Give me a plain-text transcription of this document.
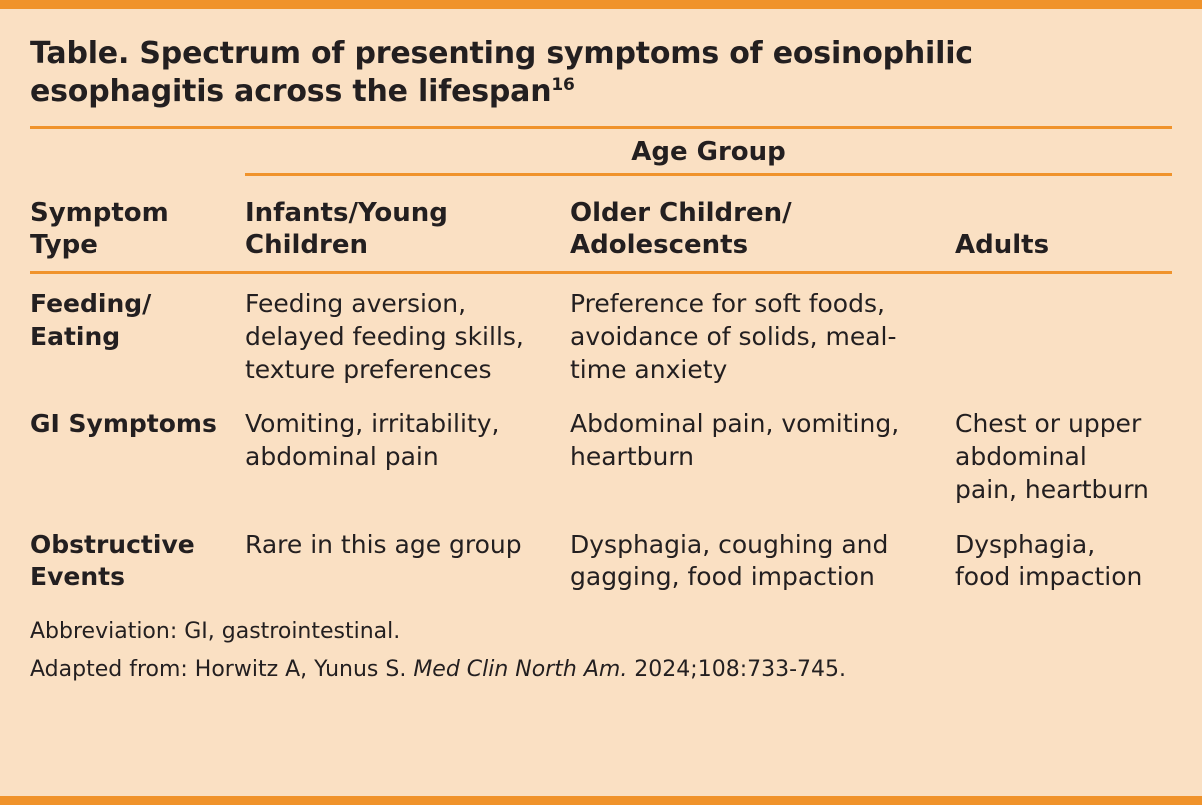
Table. Spectrum of presenting symptoms of eosinophilic esophagitis across the lifespan$^{16}$

	Age Group		

Symptom Type	Infants/Young Children	Older Children/ Adolescents	Adults
Feeding/ Eating	Feeding aversion, delayed feeding skills, texture preferences	Preference for soft foods, avoidance of solids, meal-time anxiety	
GI Symptoms	Vomiting, irritability, abdominal pain	Abdominal pain, vomiting, heartburn	Chest or upper abdominal pain, heartburn
Obstructive Events	Rare in this age group	Dysphagia, coughing and gagging, food impaction	Dysphagia, food impaction
Abbreviation: GI, gastrointestinal.
Adapted from: Horwitz A, Yunus S. Med Clin North Am. 2024;108:733-745.
